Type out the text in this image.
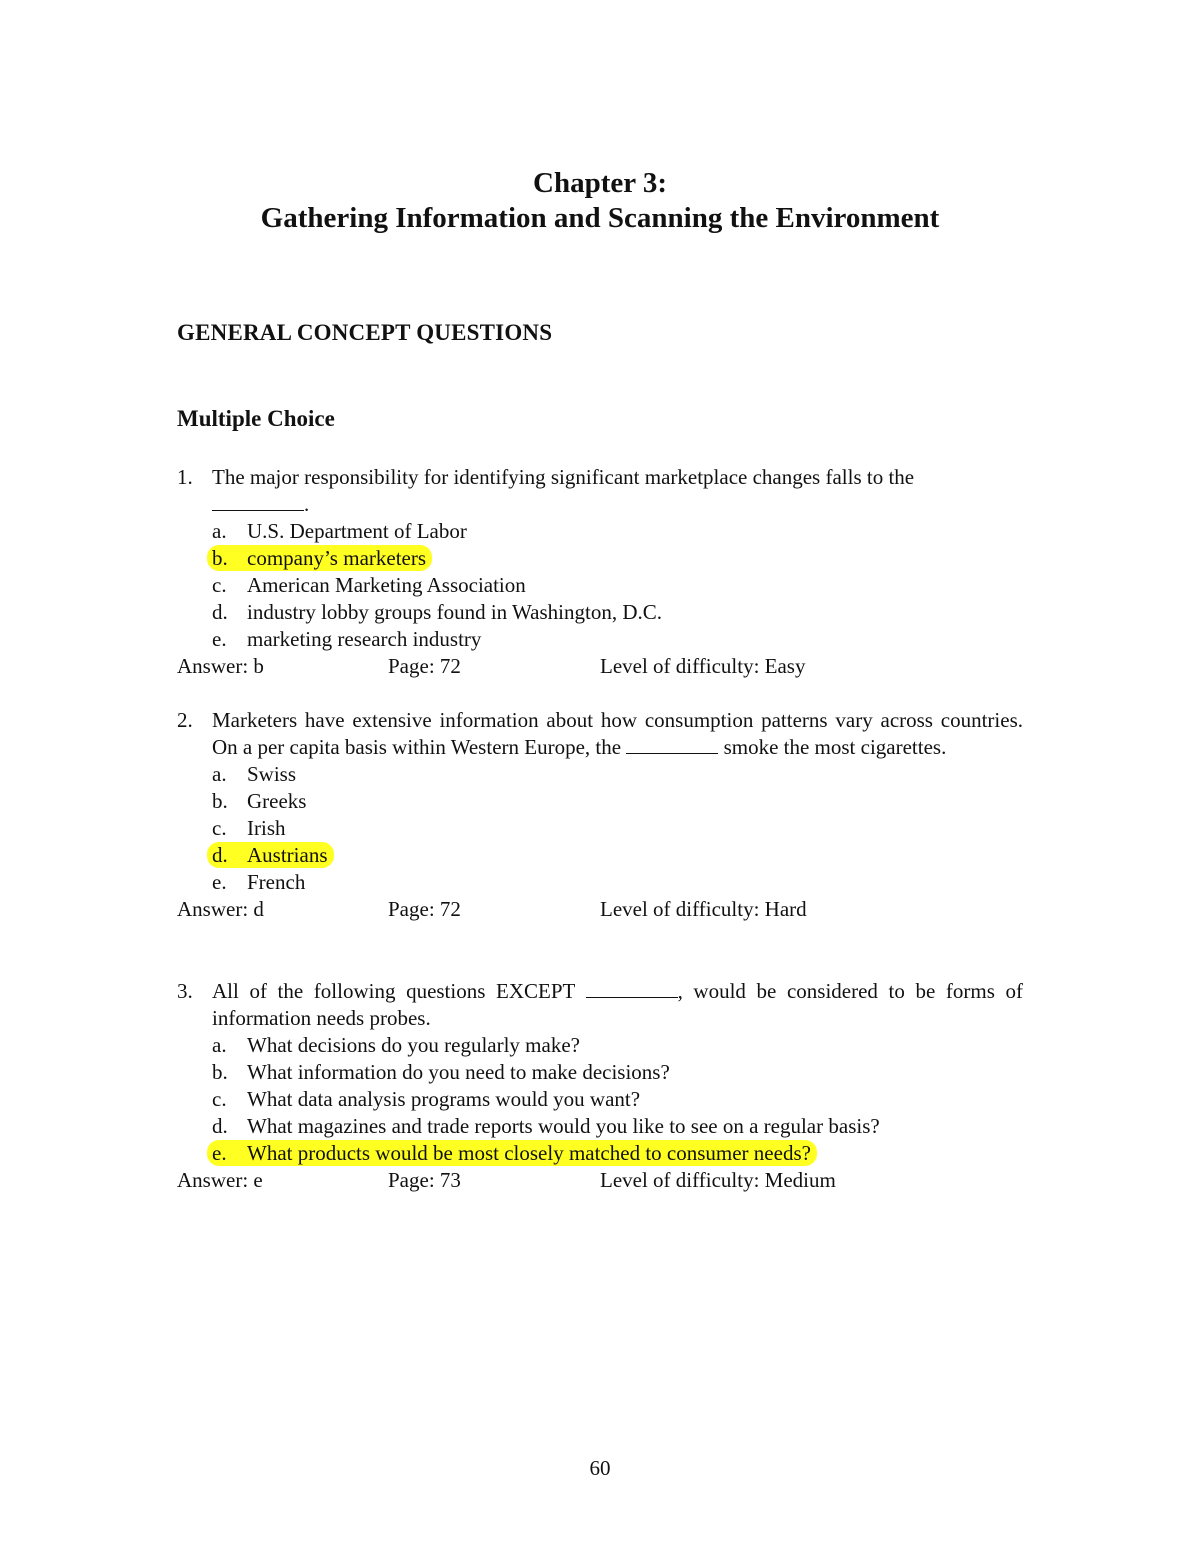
Chapter 3:
Gathering Information and Scanning the Environment
GENERAL CONCEPT QUESTIONS
Multiple Choice
1. The major responsibility for identifying significant marketplace changes falls to the
.
a. U.S. Department of Labor
b. company’s marketers
c. American Marketing Association
d. industry lobby groups found in Washington, D.C.
e. marketing research industry
Answer: b	Page: 72	Level of difficulty: Easy
2. Marketers have extensive information about how consumption patterns vary across countries. On a per capita basis within Western Europe, the	smoke the most cigarettes.
a. Swiss
b. Greeks
c. Irish
d. Austrians
e. French
Answer: d	Page: 72	Level of difficulty: Hard
3. All of the following questions EXCEPT	, would be considered to be forms of information needs probes.
a. What decisions do you regularly make?
b. What information do you need to make decisions?
c. What data analysis programs would you want?
d. What magazines and trade reports would you like to see on a regular basis?
e. What products would be most closely matched to consumer needs?
Answer: e	Page: 73	Level of difficulty: Medium
60
